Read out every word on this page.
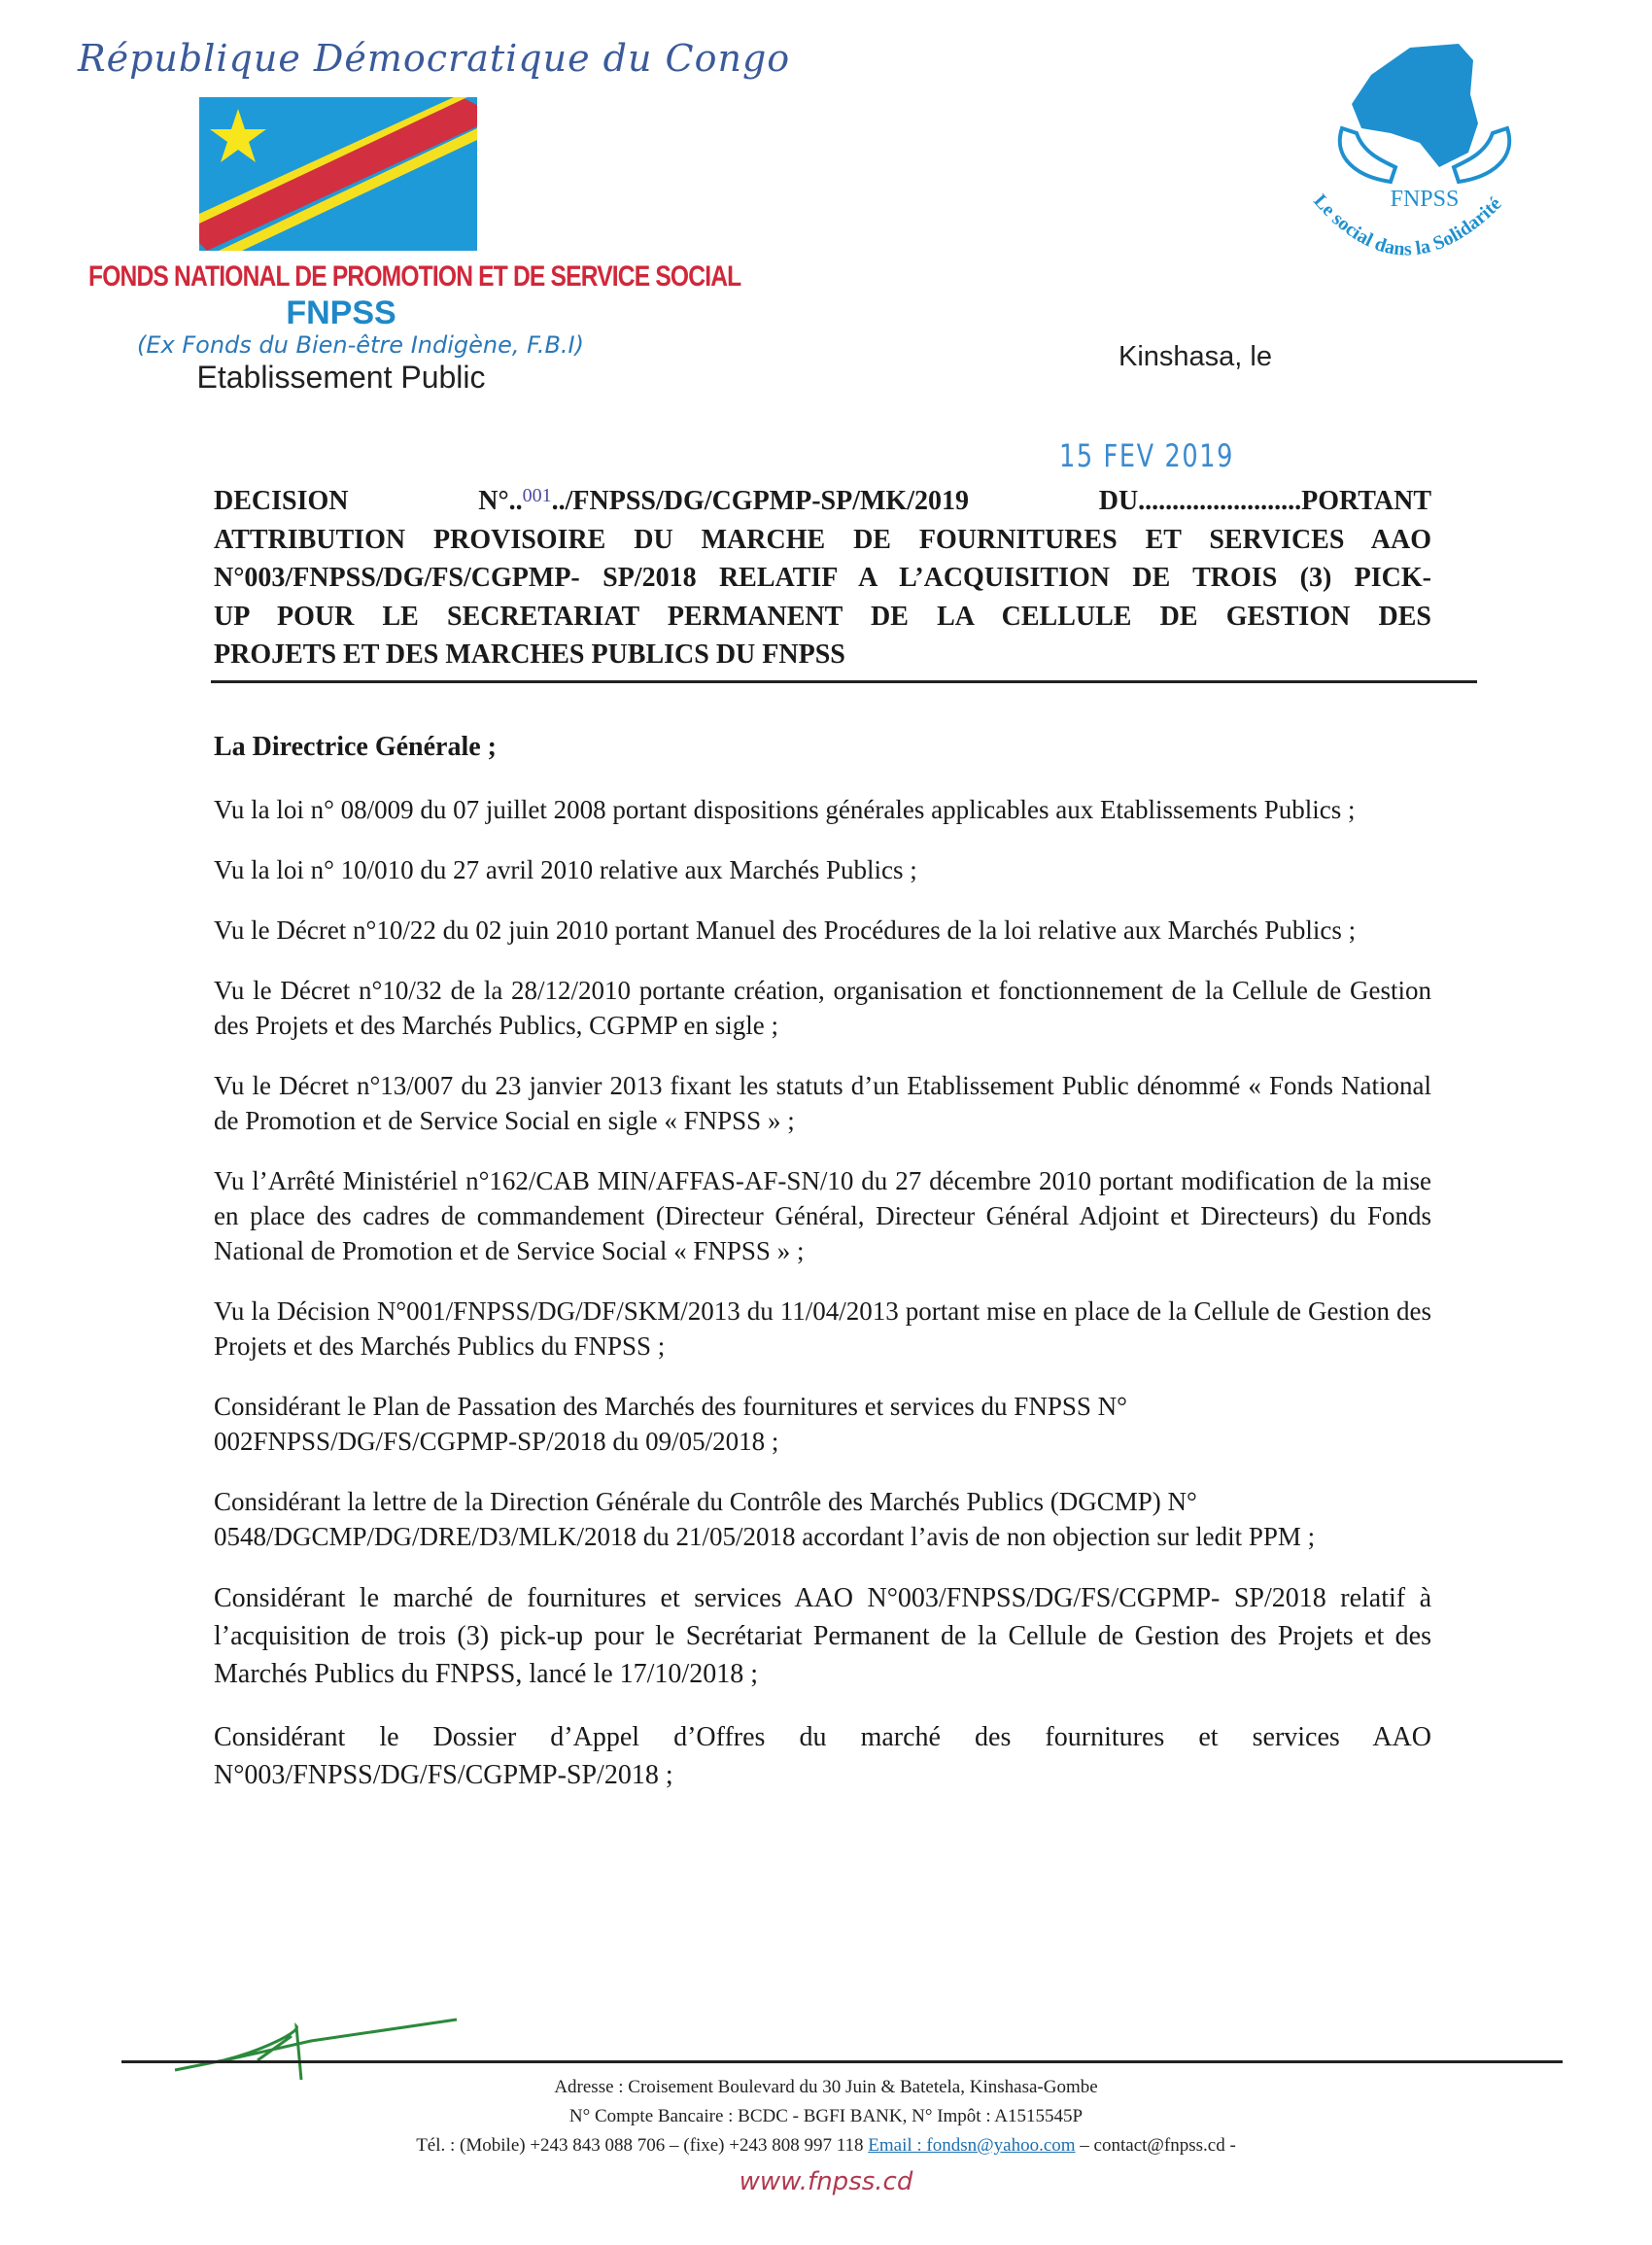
République Démocratique du Congo
FONDS NATIONAL DE PROMOTION ET DE SERVICE SOCIAL
FNPSS
(Ex Fonds du Bien-être Indigène, F.B.I)
Etablissement Public
FNPSS
Le social dans la Solidarité
Kinshasa, le
15 FEV 2019
DECISION N°..$^{001}$../FNPSS/DG/CGPMP-SP/MK/2019 DU........................PORTANT
ATTRIBUTION PROVISOIRE DU MARCHE DE FOURNITURES ET SERVICES AAO
N°003/FNPSS/DG/FS/CGPMP- SP/2018 RELATIF A L’ACQUISITION DE TROIS (3) PICK-
UP POUR LE SECRETARIAT PERMANENT DE LA CELLULE DE GESTION DES
PROJETS ET DES MARCHES PUBLICS DU FNPSS
La Directrice Générale ;
Vu la loi n° 08/009 du 07 juillet 2008 portant dispositions générales applicables aux Etablissements Publics ;
Vu la loi n° 10/010 du 27 avril 2010 relative aux Marchés Publics ;
Vu le Décret n°10/22 du 02 juin 2010 portant Manuel des Procédures de la loi relative aux Marchés Publics ;
Vu le Décret n°10/32 de la 28/12/2010 portante création, organisation et fonctionnement de la Cellule de Gestion des Projets et des Marchés Publics, CGPMP en sigle ;
Vu le Décret n°13/007 du 23 janvier 2013 fixant les statuts d’un Etablissement Public dénommé « Fonds National de Promotion et de Service Social en sigle « FNPSS » ;
Vu l’Arrêté Ministériel n°162/CAB MIN/AFFAS-AF-SN/10 du 27 décembre 2010 portant modification de la mise en place des cadres de commandement (Directeur Général, Directeur Général Adjoint et Directeurs) du Fonds National de Promotion et de Service Social « FNPSS » ;
Vu la Décision N°001/FNPSS/DG/DF/SKM/2013 du 11/04/2013 portant mise en place de la Cellule de Gestion des Projets et des Marchés Publics du FNPSS ;
Considérant le Plan de Passation des Marchés des fournitures et services du FNPSS N° 002FNPSS/DG/FS/CGPMP-SP/2018 du 09/05/2018 ;
Considérant la lettre de la Direction Générale du Contrôle des Marchés Publics (DGCMP) N° 0548/DGCMP/DG/DRE/D3/MLK/2018 du 21/05/2018 accordant l’avis de non objection sur ledit PPM ;
Considérant le marché de fournitures et services AAO N°003/FNPSS/DG/FS/CGPMP- SP/2018 relatif à l’acquisition de trois (3) pick-up pour le Secrétariat Permanent de la Cellule de Gestion des Projets et des Marchés Publics du FNPSS, lancé le 17/10/2018 ;
Considérant le Dossier d’Appel d’Offres du marché des fournitures et services AAO N°003/FNPSS/DG/FS/CGPMP-SP/2018 ;
Adresse : Croisement Boulevard du 30 Juin & Batetela, Kinshasa-Gombe
N° Compte Bancaire : BCDC - BGFI BANK, N° Impôt : A1515545P
Tél. : (Mobile) +243 843 088 706 – (fixe) +243 808 997 118 Email : fondsn@yahoo.com – contact@fnpss.cd -
www.fnpss.cd
